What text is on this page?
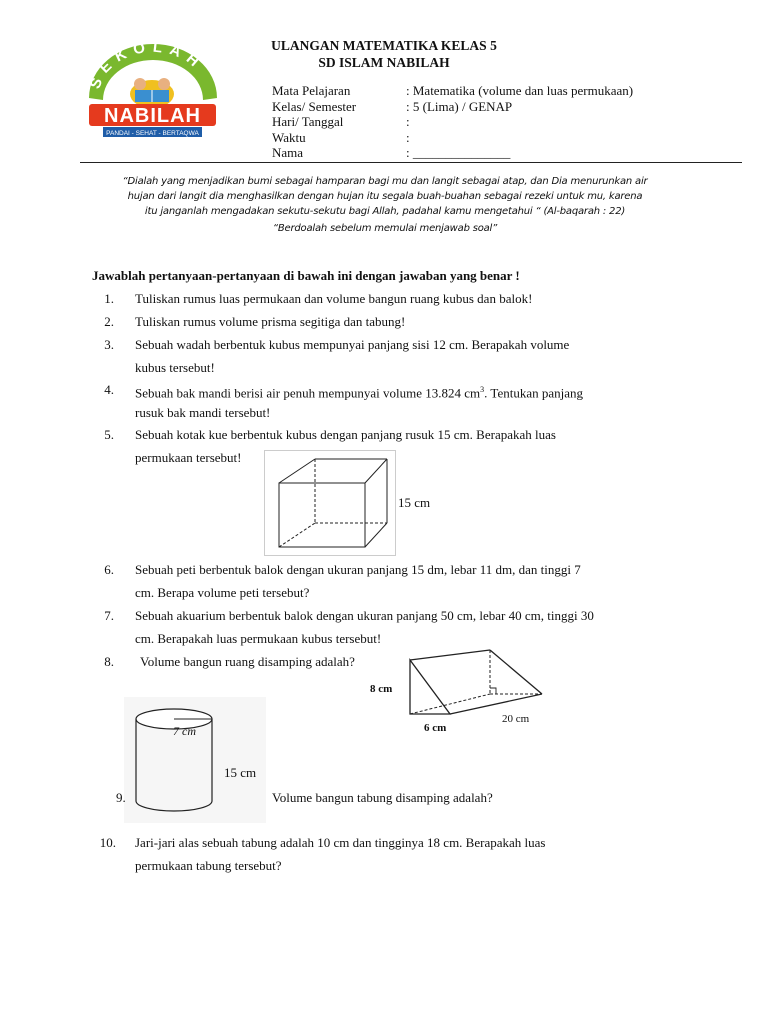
SEKOLAH
NABILAH
PANDAI - SEHAT - BERTAQWA
ULANGAN MATEMATIKA KELAS 5
SD ISLAM NABILAH
Mata Pelajaran	: Matematika (volume dan luas permukaan)
Kelas/ Semester	: 5 (Lima) / GENAP
Hari/ Tanggal	:
Waktu	:
Nama	: _______________
“Dialah yang menjadikan bumi sebagai hamparan bagi mu dan langit sebagai atap, dan Dia menurunkan air
hujan dari langit dia menghasilkan dengan hujan itu segala buah-buahan sebagai rezeki untuk mu, karena
itu janganlah mengadakan sekutu-sekutu bagi Allah, padahal kamu mengetahui “ (Al-baqarah : 22)
“Berdoalah sebelum memulai menjawab soal”
Jawablah pertanyaan-pertanyaan di bawah ini dengan jawaban yang benar !
1. Tuliskan rumus luas permukaan dan volume bangun ruang kubus dan balok!
2. Tuliskan rumus volume prisma segitiga dan tabung!
3. Sebuah wadah berbentuk kubus mempunyai panjang sisi 12 cm. Berapakah volume
kubus tersebut!
4. Sebuah bak mandi berisi air penuh mempunyai volume 13.824 $cm^3$. Tentukan panjang
rusuk bak mandi tersebut!
5. Sebuah kotak kue berbentuk kubus dengan panjang rusuk 15 cm. Berapakah luas
permukaan tersebut!
15 cm
6. Sebuah peti berbentuk balok dengan ukuran panjang 15 dm, lebar 11 dm, dan tinggi 7
cm. Berapa volume peti tersebut?
7. Sebuah akuarium berbentuk balok dengan ukuran panjang 50 cm, lebar 40 cm, tinggi 30
cm. Berapakah luas permukaan kubus tersebut!
8. Volume bangun ruang disamping adalah?
8 cm
6 cm
20 cm
7 cm
15 cm
9.	Volume bangun tabung disamping adalah?
10. Jari-jari alas sebuah tabung adalah 10 cm dan tingginya 18 cm. Berapakah luas
permukaan tabung tersebut?
